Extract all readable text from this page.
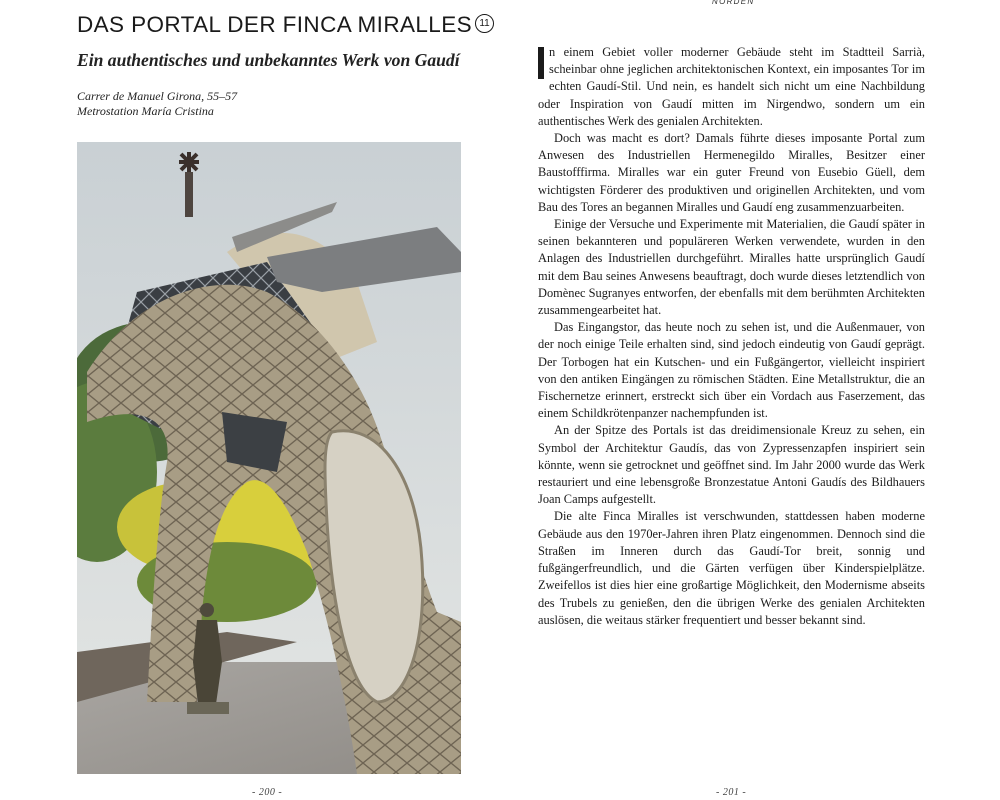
DAS PORTAL DER FINCA MIRALLES 11
Ein authentisches und unbekanntes Werk von Gaudí
Carrer de Manuel Girona, 55–57
Metrostation María Cristina
- 200 -
NORDEN

n einem Gebiet voller moderner Gebäude steht im Stadtteil Sarrià, scheinbar ohne jeglichen architektonischen Kontext, ein imposantes Tor im echten Gaudí-Stil. Und nein, es handelt sich nicht um eine Nachbildung oder Inspiration von Gaudí mitten im Nirgendwo, sondern um ein authentisches Werk des genialen Architekten.

Doch was macht es dort? Damals führte dieses imposante Portal zum Anwesen des Industriellen Hermenegildo Miralles, Besitzer einer Baustofffirma. Miralles war ein guter Freund von Eusebio Güell, dem wichtigsten Förderer des produktiven und originellen Architekten, und vom Bau des Tores an begannen Miralles und Gaudí eng zusammenzuarbeiten.

Einige der Versuche und Experimente mit Materialien, die Gaudí später in seinen bekannteren und populäreren Werken verwendete, wurden in den Anlagen des Industriellen durchgeführt. Miralles hatte ursprünglich Gaudí mit dem Bau seines Anwesens beauftragt, doch wurde dieses letztendlich von Domènec Sugranyes entworfen, der ebenfalls mit dem berühmten Architekten zusammengearbeitet hat.

Das Eingangstor, das heute noch zu sehen ist, und die Außenmauer, von der noch einige Teile erhalten sind, sind jedoch eindeutig von Gaudí geprägt. Der Torbogen hat ein Kutschen- und ein Fußgängertor, vielleicht inspiriert von den antiken Eingängen zu römischen Städten. Eine Metallstruktur, die an Fischernetze erinnert, erstreckt sich über ein Vordach aus Faserzement, das einem Schildkrötenpanzer nachempfunden ist.

An der Spitze des Portals ist das dreidimensionale Kreuz zu sehen, ein Symbol der Architektur Gaudís, das von Zypressenzapfen inspiriert sein könnte, wenn sie getrocknet und geöffnet sind. Im Jahr 2000 wurde das Werk restauriert und eine lebensgroße Bronzestatue Antoni Gaudís des Bildhauers Joan Camps aufgestellt.

Die alte Finca Miralles ist verschwunden, stattdessen haben moderne Gebäude aus den 1970er-Jahren ihren Platz eingenommen. Dennoch sind die Straßen im Inneren durch das Gaudí-Tor breit, sonnig und fußgängerfreundlich, und die Gärten verfügen über Kinderspielplätze. Zweifellos ist dies hier eine großartige Möglichkeit, den Modernisme abseits des Trubels zu genießen, den die übrigen Werke des genialen Architekten auslösen, die weitaus stärker frequentiert und besser bekannt sind.

- 201 -
